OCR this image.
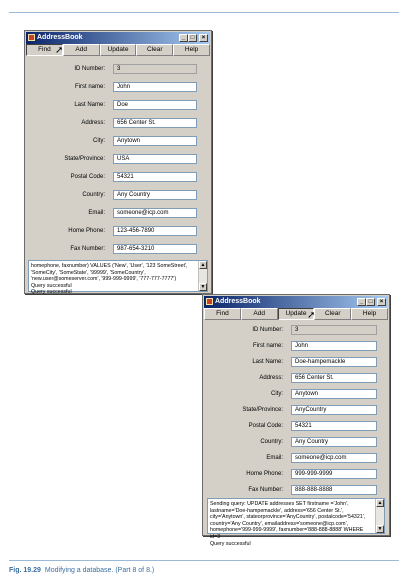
AddressBook	_ □	×
Find	Add	Update	Clear	Help
ID Number:	3
First name:	John
Last Name:	Doe
Address:	656 Center St.
City:	Anytown
State/Province:	USA
Postal Code:	54321
Country:	Any Country
Email:	someone@icp.com
Home Phone:	123-456-7890
Fax Number:	987-654-3210

homephone, faxnumber) VALUES ('New', 'User', '123 SomeStreet', 'SomeCity', 'SomeState', '99999', 'SomeCountry', 'new.user@someserver.com', '999-999-9999', '777-777-7777')

Query successful

Query successful

▲
▼
➚
AddressBook	_ □	×
Find	Add	Update	Clear	Help
ID Number:	3
First name:	John
Last Name:	Doe-hampemackle
Address:	656 Center St.
City:	Anytown
State/Province:	AnyCountry
Postal Code:	54321
Country:	Any Country
Email:	someone@icp.com
Home Phone:	999-999-9999
Fax Number:	888-888-8888

Sending query: UPDATE addresses SET firstname ='John', lastname='Doe-hampemackle', address='656 Center St.', city='Anytown', stateorprovince='AnyCountry', postalcode='54321', country='Any Country', emailaddress='someone@icp.com', homephone='999-999-9999', faxnumber='888-888-8888' WHERE id=3

Query successful

▲
▼
➚
Fig. 19.29 Modifying a database. (Part 8 of 8.)
